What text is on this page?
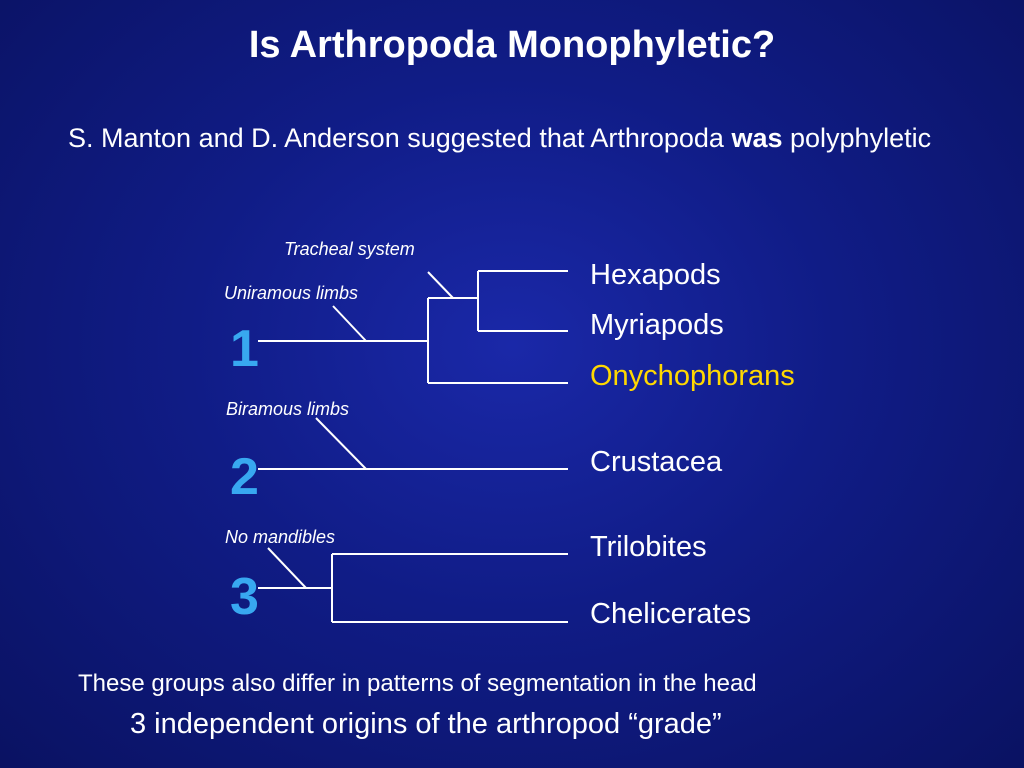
Is Arthropoda Monophyletic?

S. Manton and D. Anderson suggested that Arthropoda was polyphyletic

1
Uniramous limbs
Tracheal system
Hexapods
Myriapods
Onychophorans
2
Biramous limbs
Crustacea
3
No mandibles	Trilobites
Chelicerates

These groups also differ in patterns of segmentation in the head

3 independent origins of the arthropod “grade”
